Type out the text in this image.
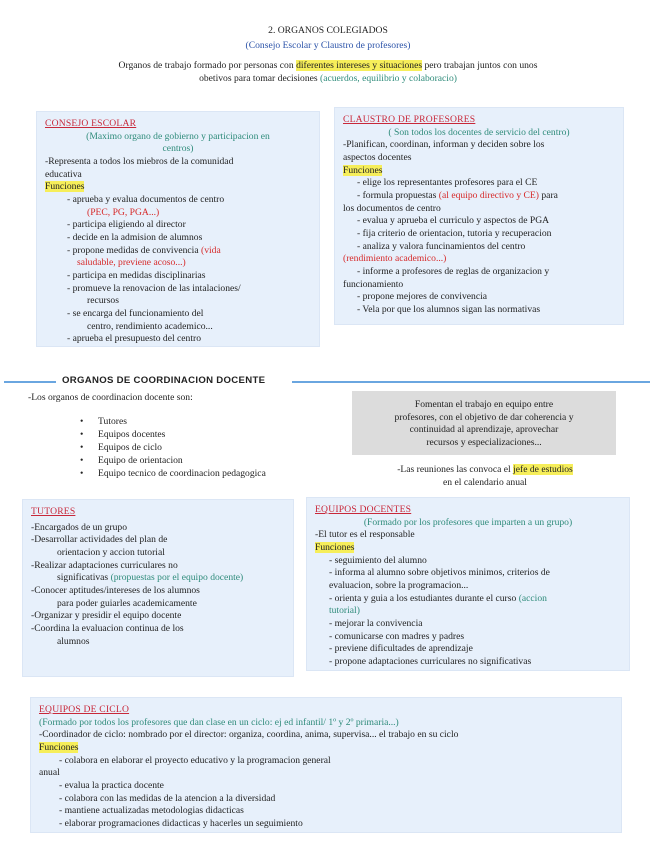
2. ORGANOS COLEGIADOS
(Consejo Escolar y Claustro de profesores)
Organos de trabajo formado por personas con diferentes intereses y situaciones pero trabajan juntos con unos
obetivos para tomar decisiones (acuerdos, equilibrio y colaboracio)
CONSEJO ESCOLAR
(Maximo organo de gobierno y participacion en
centros)
-Representa a todos los miebros de la comunidad
educativa
Funciones
- aprueba y evalua documentos de centro
(PEC, PG, PGA...)
- participa eligiendo al director
- decide en la admision de alumnos
- propone medidas de convivencia (vida
saludable, previene acoso...)
- participa en medidas disciplinarias
- promueve la renovacion de las intalaciones/
recursos
- se encarga del funcionamiento del
centro, rendimiento academico...
- aprueba el presupuesto del centro
CLAUSTRO DE PROFESORES
( Son todos los docentes de servicio del centro)
-Planifican, coordinan, informan y deciden sobre los
aspectos docentes
Funciones
- elige los representantes profesores para el CE
- formula propuestas (al equipo directivo y CE) para
los documentos de centro
- evalua y aprueba el curriculo y aspectos de PGA
- fija criterio de orientacion, tutoria y recuperacion
- analiza y valora funcinamientos del centro
(rendimiento academico...)
- informe a profesores de reglas de organizacion y
funcionamiento
- propone mejores de convivencia
- Vela por que los alumnos sigan las normativas
ORGANOS DE COORDINACION DOCENTE
-Los organos de coordinacion docente son:
• Tutores
• Equipos docentes
• Equipos de ciclo
• Equipo de orientacion
• Equipo tecnico de coordinacion pedagogica
Fomentan el trabajo en equipo entre
profesores, con el objetivo de dar coherencia y
continuidad al aprendizaje, aprovechar
recursos y especializaciones...
-Las reuniones las convoca el jefe de estudios
en el calendario anual
TUTORES
-Encargados de un grupo
-Desarrollar actividades del plan de
orientacion y accion tutorial
-Realizar adaptaciones curriculares no
significativas (propuestas por el equipo docente)
-Conocer aptitudes/intereses de los alumnos
para poder guiarles academicamente
-Organizar y presidir el equipo docente
-Coordina la evaluacion continua de los
alumnos
EQUIPOS DOCENTES
(Formado por los profesores que imparten a un grupo)
-El tutor es el responsable
Funciones
- seguimiento del alumno
- informa al alumno sobre objetivos minimos, criterios de
evaluacion, sobre la programacion...
- orienta y guia a los estudiantes durante el curso (accion
tutorial)
- mejorar la convivencia
- comunicarse con madres y padres
- previene dificultades de aprendizaje
- propone adaptaciones curriculares no significativas
EQUIPOS DE CICLO
(Formado por todos los profesores que dan clase en un ciclo: ej ed infantil/ 1º y 2º primaria...)
-Coordinador de ciclo: nombrado por el director: organiza, coordina, anima, supervisa... el trabajo en su ciclo
Funciones
- colabora en elaborar el proyecto educativo y la programacion general
anual
- evalua la practica docente
- colabora con las medidas de la atencion a la diversidad
- mantiene actualizadas metodologias didacticas
- elaborar programaciones didacticas y hacerles un seguimiento
